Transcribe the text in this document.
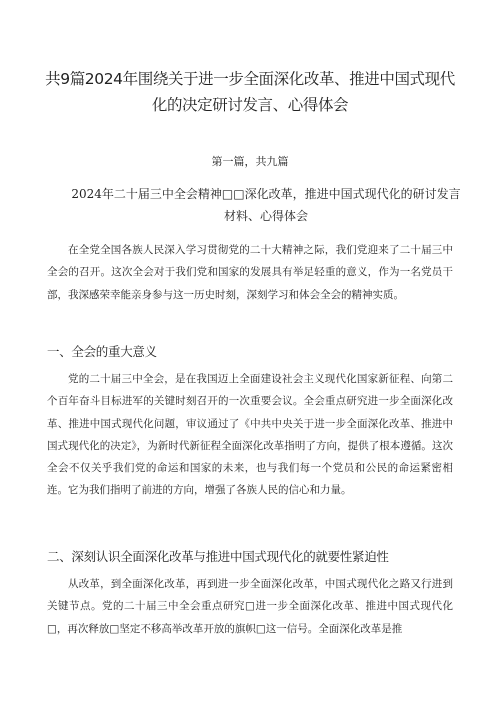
共9篇2024年围绕关于进一步全面深化改革、推进中国式现代化的决定研讨发言、心得体会
第一篇，共九篇
2024年二十届三中全会精神□□深化改革，推进中国式现代化的研讨发言材料、心得体会

在全党全国各族人民深入学习贯彻党的二十大精神之际，我们党迎来了二十届三中全会的召开。这次全会对于我们党和国家的发展具有举足轻重的意义，作为一名党员干部，我深感荣幸能亲身参与这一历史时刻，深刻学习和体会全会的精神实质。

一、全会的重大意义

党的二十届三中全会，是在我国迈上全面建设社会主义现代化国家新征程、向第二个百年奋斗目标进军的关键时刻召开的一次重要会议。全会重点研究进一步全面深化改革、推进中国式现代化问题，审议通过了《中共中央关于进一步全面深化改革、推进中国式现代化的决定》，为新时代新征程全面深化改革指明了方向，提供了根本遵循。这次全会不仅关乎我们党的命运和国家的未来，也与我们每一个党员和公民的命运紧密相连。它为我们指明了前进的方向，增强了各族人民的信心和力量。

二、深刻认识全面深化改革与推进中国式现代化的就要性紧迫性

从改革，到全面深化改革，再到进一步全面深化改革，中国式现代化之路又行进到关键节点。党的二十届三中全会重点研究□进一步全面深化改革、推进中国式现代化□，再次释放□坚定不移高举改革开放的旗帜□这一信号。全面深化改革是推
